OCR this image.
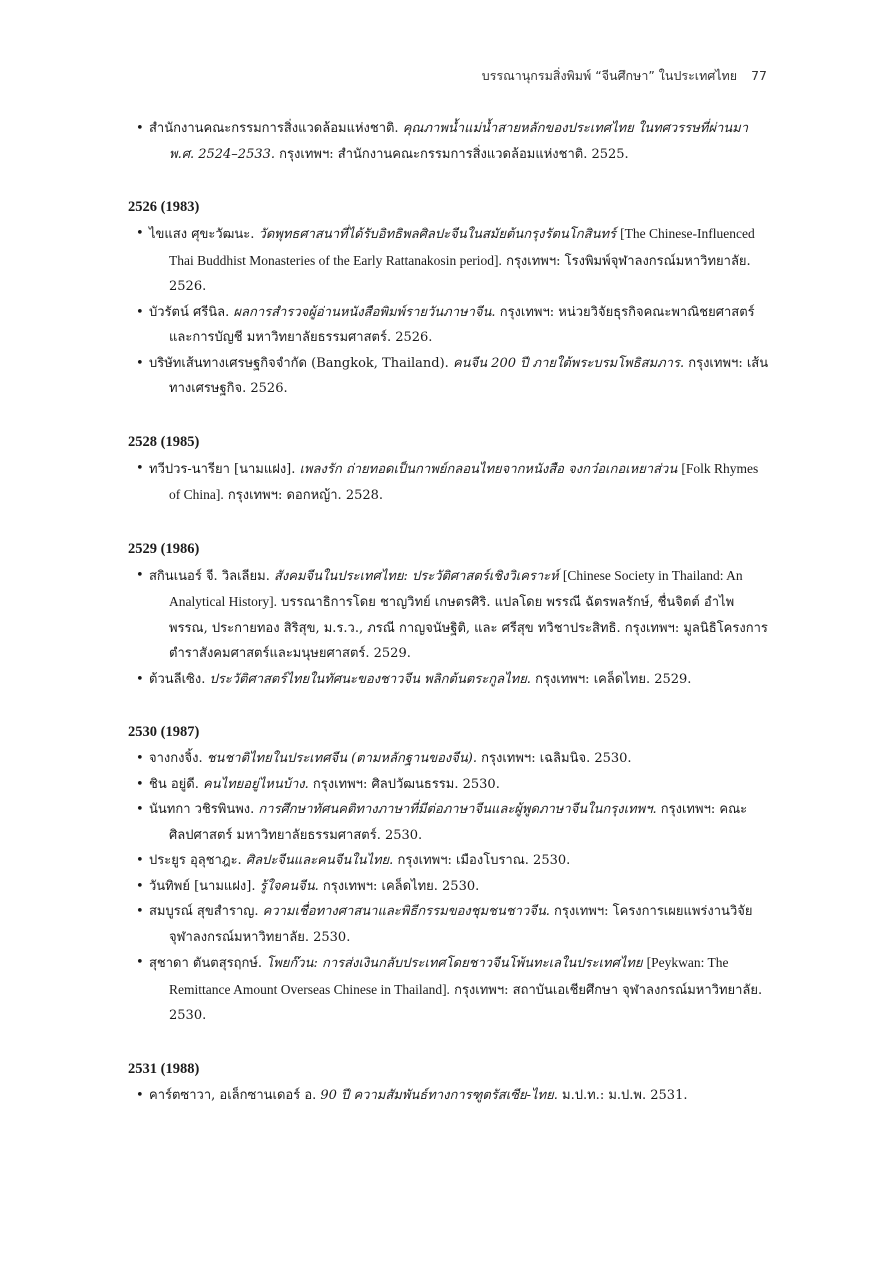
บรรณานุกรมสิ่งพิมพ์ “จีนศึกษา” ในประเทศไทย 77

• สำนักงานคณะกรรมการสิ่งแวดล้อมแห่งชาติ. คุณภาพน้ำแม่น้ำสายหลักของประเทศไทย ในทศวรรษที่ผ่านมา พ.ศ. 2524–2533. กรุงเทพฯ: สำนักงานคณะกรรมการสิ่งแวดล้อมแห่งชาติ. 2525.

2526 (1983)

• ไขแสง ศุขะวัฒนะ. วัดพุทธศาสนาที่ได้รับอิทธิพลศิลปะจีนในสมัยต้นกรุงรัตนโกสินทร์ [The Chinese-Influenced Thai Buddhist Monasteries of the Early Rattanakosin period]. กรุงเทพฯ: โรงพิมพ์จุฬาลงกรณ์มหาวิทยาลัย. 2526.

• บัวรัตน์ ศรีนิล. ผลการสำรวจผู้อ่านหนังสือพิมพ์รายวันภาษาจีน. กรุงเทพฯ: หน่วยวิจัยธุรกิจคณะพาณิชยศาสตร์และการบัญชี มหาวิทยาลัยธรรมศาสตร์. 2526.

• บริษัทเส้นทางเศรษฐกิจจำกัด (Bangkok, Thailand). คนจีน 200 ปี ภายใต้พระบรมโพธิสมภาร. กรุงเทพฯ: เส้นทางเศรษฐกิจ. 2526.

2528 (1985)

• ทวีปวร-นารียา [นามแฝง]. เพลงรัก ถ่ายทอดเป็นกาพย์กลอนไทยจากหนังสือ จงกว๋อเกอเหยาส่วน [Folk Rhymes of China]. กรุงเทพฯ: ดอกหญ้า. 2528.

2529 (1986)

• สกินเนอร์ จี. วิลเลียม. สังคมจีนในประเทศไทย: ประวัติศาสตร์เชิงวิเคราะห์ [Chinese Society in Thailand: An Analytical History]. บรรณาธิการโดย ชาญวิทย์ เกษตรศิริ. แปลโดย พรรณี ฉัตรพลรักษ์, ชื่นจิตต์ อำไพพรรณ, ประกายทอง สิริสุข, ม.ร.ว., ภรณี กาญจนัษฐิติ, และ ศรีสุข ทวิชาประสิทธิ. กรุงเทพฯ: มูลนิธิโครงการตำราสังคมศาสตร์และมนุษยศาสตร์. 2529.

• ต้วนลีเซิง. ประวัติศาสตร์ไทยในทัศนะของชาวจีน พลิกต้นตระกูลไทย. กรุงเทพฯ: เคล็ดไทย. 2529.

2530 (1987)

• จางกงจิ้ง. ชนชาติไทยในประเทศจีน (ตามหลักฐานของจีน). กรุงเทพฯ: เฉลิมนิจ. 2530.

• ชิน อยู่ดี. คนไทยอยู่ไหนบ้าง. กรุงเทพฯ: ศิลปวัฒนธรรม. 2530.

• นันทกา วชิรพินพง. การศึกษาทัศนคติทางภาษาที่มีต่อภาษาจีนและผู้พูดภาษาจีนในกรุงเทพฯ. กรุงเทพฯ: คณะศิลปศาสตร์ มหาวิทยาลัยธรรมศาสตร์. 2530.

• ประยูร อุลุชาฎะ. ศิลปะจีนและคนจีนในไทย. กรุงเทพฯ: เมืองโบราณ. 2530.

• วันทิพย์ [นามแฝง]. รู้ใจคนจีน. กรุงเทพฯ: เคล็ดไทย. 2530.

• สมบูรณ์ สุขสำราญ. ความเชื่อทางศาสนาและพิธีกรรมของชุมชนชาวจีน. กรุงเทพฯ: โครงการเผยแพร่งานวิจัยจุฬาลงกรณ์มหาวิทยาลัย. 2530.

• สุชาดา ตันตสุรฤกษ์. โพยก๊วน: การส่งเงินกลับประเทศโดยชาวจีนโพ้นทะเลในประเทศไทย [Peykwan: The Remittance Amount Overseas Chinese in Thailand]. กรุงเทพฯ: สถาบันเอเชียศึกษา จุฬาลงกรณ์มหาวิทยาลัย. 2530.

2531 (1988)

• คาร์ตซาวา, อเล็กซานเดอร์ อ. 90 ปี ความสัมพันธ์ทางการฑูตรัสเซีย-ไทย. ม.ป.ท.: ม.ป.พ. 2531.
